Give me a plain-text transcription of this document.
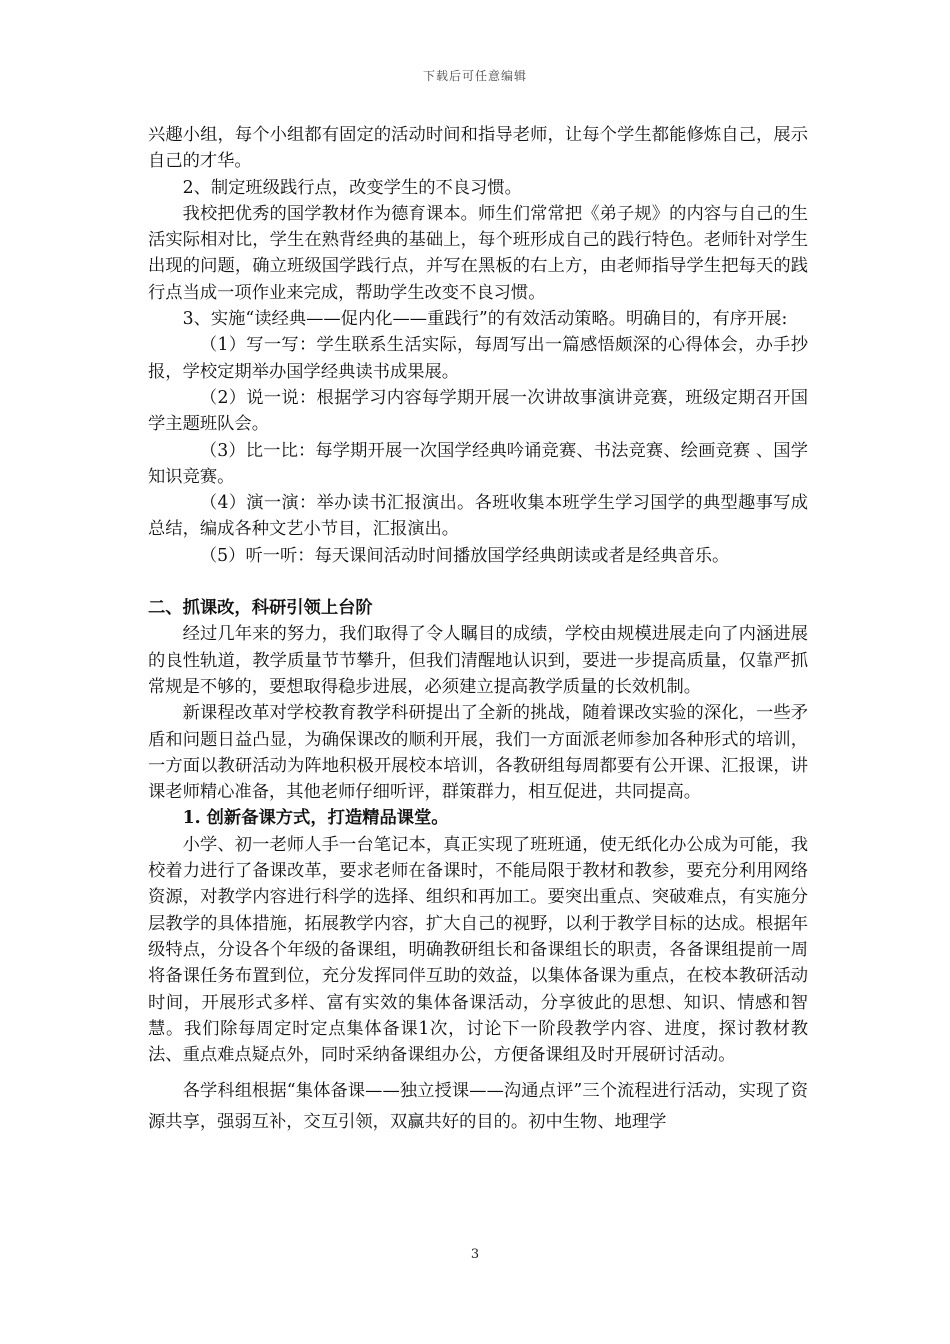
下载后可任意编辑

兴趣小组，每个小组都有固定的活动时间和指导老师，让每个学生都能修炼自己，展示自己的才华。

2、制定班级践行点，改变学生的不良习惯。

我校把优秀的国学教材作为德育课本。师生们常常把《弟子规》的内容与自己的生活实际相对比，学生在熟背经典的基础上，每个班形成自己的践行特色。老师针对学生出现的问题，确立班级国学践行点，并写在黑板的右上方，由老师指导学生把每天的践行点当成一项作业来完成，帮助学生改变不良习惯。

3、实施“读经典——促内化——重践行”的有效活动策略。明确目的，有序开展:

（1）写一写：学生联系生活实际，每周写出一篇感悟颇深的心得体会，办手抄报，学校定期举办国学经典读书成果展。

（2）说一说：根据学习内容每学期开展一次讲故事演讲竞赛，班级定期召开国学主题班队会。

（3）比一比：每学期开展一次国学经典吟诵竞赛、书法竞赛、绘画竞赛 、国学知识竞赛。

（4）演一演：举办读书汇报演出。各班收集本班学生学习国学的典型趣事写成总结，编成各种文艺小节目，汇报演出。

（5）听一听：每天课间活动时间播放国学经典朗读或者是经典音乐。

二、抓课改，科研引领上台阶

经过几年来的努力，我们取得了令人瞩目的成绩，学校由规模进展走向了内涵进展的良性轨道，教学质量节节攀升，但我们清醒地认识到，要进一步提高质量，仅靠严抓常规是不够的，要想取得稳步进展，必须建立提高教学质量的长效机制。

新课程改革对学校教育教学科研提出了全新的挑战，随着课改实验的深化，一些矛盾和问题日益凸显，为确保课改的顺利开展，我们一方面派老师参加各种形式的培训，一方面以教研活动为阵地积极开展校本培训，各教研组每周都要有公开课、汇报课，讲课老师精心准备，其他老师仔细听评，群策群力，相互促进，共同提高。

1. 创新备课方式，打造精品课堂。

小学、初一老师人手一台笔记本，真正实现了班班通，使无纸化办公成为可能，我校着力进行了备课改革，要求老师在备课时，不能局限于教材和教参，要充分利用网络资源，对教学内容进行科学的选择、组织和再加工。要突出重点、突破难点，有实施分层教学的具体措施，拓展教学内容，扩大自己的视野，以利于教学目标的达成。根据年级特点，分设各个年级的备课组，明确教研组长和备课组长的职责，各备课组提前一周将备课任务布置到位，充分发挥同伴互助的效益，以集体备课为重点，在校本教研活动时间，开展形式多样、富有实效的集体备课活动，分享彼此的思想、知识、情感和智慧。我们除每周定时定点集体备课1次，讨论下一阶段教学内容、进度，探讨教材教法、重点难点疑点外，同时采纳备课组办公，方便备课组及时开展研讨活动。

各学科组根据“集体备课——独立授课——沟通点评”三个流程进行活动，实现了资源共享，强弱互补，交互引领，双赢共好的目的。初中生物、地理学

3
